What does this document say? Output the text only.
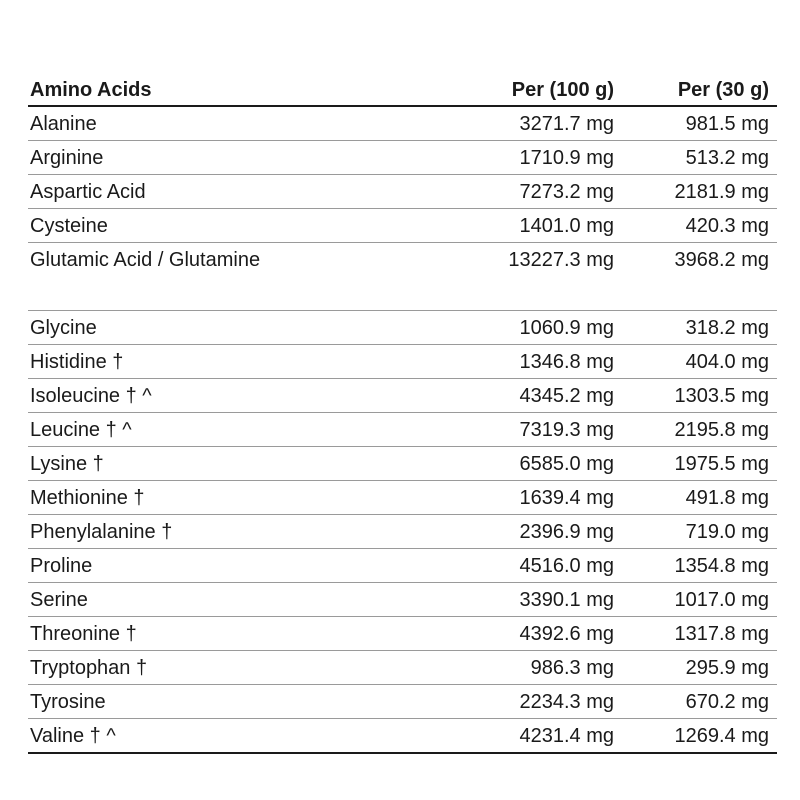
Amino Acids	Per (100 g)	Per (30 g)
Alanine	3271.7 mg	981.5 mg
Arginine	1710.9 mg	513.2 mg
Aspartic Acid	7273.2 mg	2181.9 mg
Cysteine	1401.0 mg	420.3 mg
Glutamic Acid / Glutamine	13227.3 mg	3968.2 mg
Glycine	1060.9 mg	318.2 mg
Histidine †	1346.8 mg	404.0 mg
Isoleucine † ^	4345.2 mg	1303.5 mg
Leucine † ^	7319.3 mg	2195.8 mg
Lysine †	6585.0 mg	1975.5 mg
Methionine †	1639.4 mg	491.8 mg
Phenylalanine †	2396.9 mg	719.0 mg
Proline	4516.0 mg	1354.8 mg
Serine	3390.1 mg	1017.0 mg
Threonine †	4392.6 mg	1317.8 mg
Tryptophan †	986.3 mg	295.9 mg
Tyrosine	2234.3 mg	670.2 mg
Valine † ^	4231.4 mg	1269.4 mg
